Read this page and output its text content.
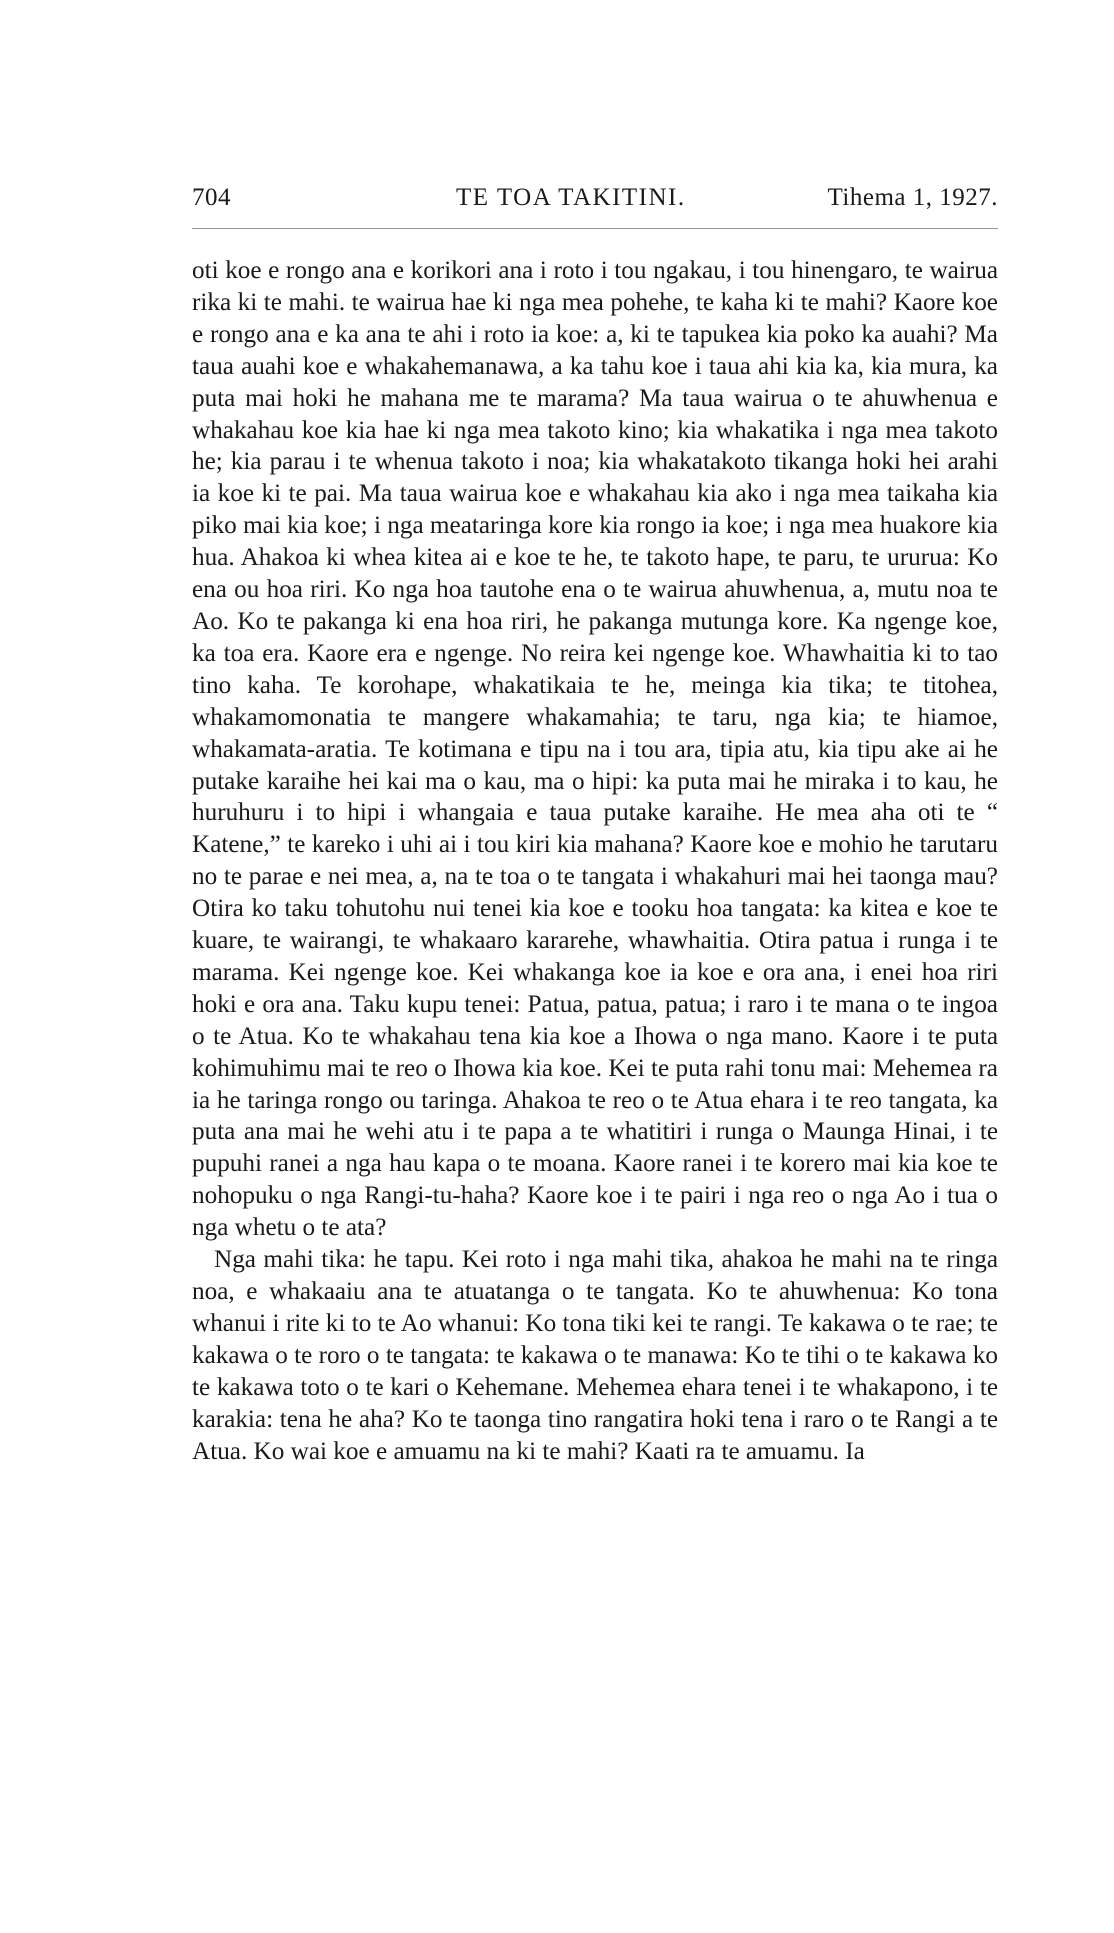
704	TE TOA TAKITINI.	Tihema 1, 1927.

oti koe e rongo ana e korikori ana i roto i tou ngakau, i tou hinengaro, te wairua rika ki te mahi. te wairua hae ki nga mea pohehe, te kaha ki te mahi? Kaore koe e rongo ana e ka ana te ahi i roto ia koe: a, ki te tapukea kia poko ka auahi? Ma taua auahi koe e whakahemanawa, a ka tahu koe i taua ahi kia ka, kia mura, ka puta mai hoki he mahana me te marama? Ma taua wairua o te ahuwhenua e whakahau koe kia hae ki nga mea takoto kino; kia whakatika i nga mea takoto he; kia parau i te whenua takoto i noa; kia whakatakoto tikanga hoki hei arahi ia koe ki te pai. Ma taua wairua koe e whakahau kia ako i nga mea taikaha kia piko mai kia koe; i nga meataringa kore kia rongo ia koe; i nga mea huakore kia hua. Ahakoa ki whea kitea ai e koe te he, te takoto hape, te paru, te ururua: Ko ena ou hoa riri. Ko nga hoa tautohe ena o te wairua ahuwhenua, a, mutu noa te Ao. Ko te pakanga ki ena hoa riri, he pakanga mutunga kore. Ka ngenge koe, ka toa era. Kaore era e ngenge. No reira kei ngenge koe. Whawhaitia ki to tao tino kaha. Te korohape, whakatikaia te he, meinga kia tika; te titohea, whakamomonatia te mangere whakamahia; te taru, nga kia; te hiamoe, whakamata-aratia. Te kotimana e tipu na i tou ara, tipia atu, kia tipu ake ai he putake karaihe hei kai ma o kau, ma o hipi: ka puta mai he miraka i to kau, he huruhuru i to hipi i whangaia e taua putake karaihe. He mea aha oti te “ Katene,” te kareko i uhi ai i tou kiri kia mahana? Kaore koe e mohio he tarutaru no te parae e nei mea, a, na te toa o te tangata i whakahuri mai hei taonga mau? Otira ko taku tohutohu nui tenei kia koe e tooku hoa tangata: ka kitea e koe te kuare, te wairangi, te whakaaro kararehe, whawhaitia. Otira patua i runga i te marama. Kei ngenge koe. Kei whakanga koe ia koe e ora ana, i enei hoa riri hoki e ora ana. Taku kupu tenei: Patua, patua, patua; i raro i te mana o te ingoa o te Atua. Ko te whakahau tena kia koe a Ihowa o nga mano. Kaore i te puta kohimuhimu mai te reo o Ihowa kia koe. Kei te puta rahi tonu mai: Mehemea ra ia he taringa rongo ou taringa. Ahakoa te reo o te Atua ehara i te reo tangata, ka puta ana mai he wehi atu i te papa a te whatitiri i runga o Maunga Hinai, i te pupuhi ranei a nga hau kapa o te moana. Kaore ranei i te korero mai kia koe te nohopuku o nga Rangi-tu-haha? Kaore koe i te pairi i nga reo o nga Ao i tua o nga whetu o te ata?

Nga mahi tika: he tapu. Kei roto i nga mahi tika, ahakoa he mahi na te ringa noa, e whakaaiu ana te atuatanga o te tangata. Ko te ahuwhenua: Ko tona whanui i rite ki to te Ao whanui: Ko tona tiki kei te rangi. Te kakawa o te rae; te kakawa o te roro o te tangata: te kakawa o te manawa: Ko te tihi o te kakawa ko te kakawa toto o te kari o Kehemane. Mehemea ehara tenei i te whakapono, i te karakia: tena he aha? Ko te taonga tino rangatira hoki tena i raro o te Rangi a te Atua. Ko wai koe e amuamu na ki te mahi? Kaati ra te amuamu. Ia
